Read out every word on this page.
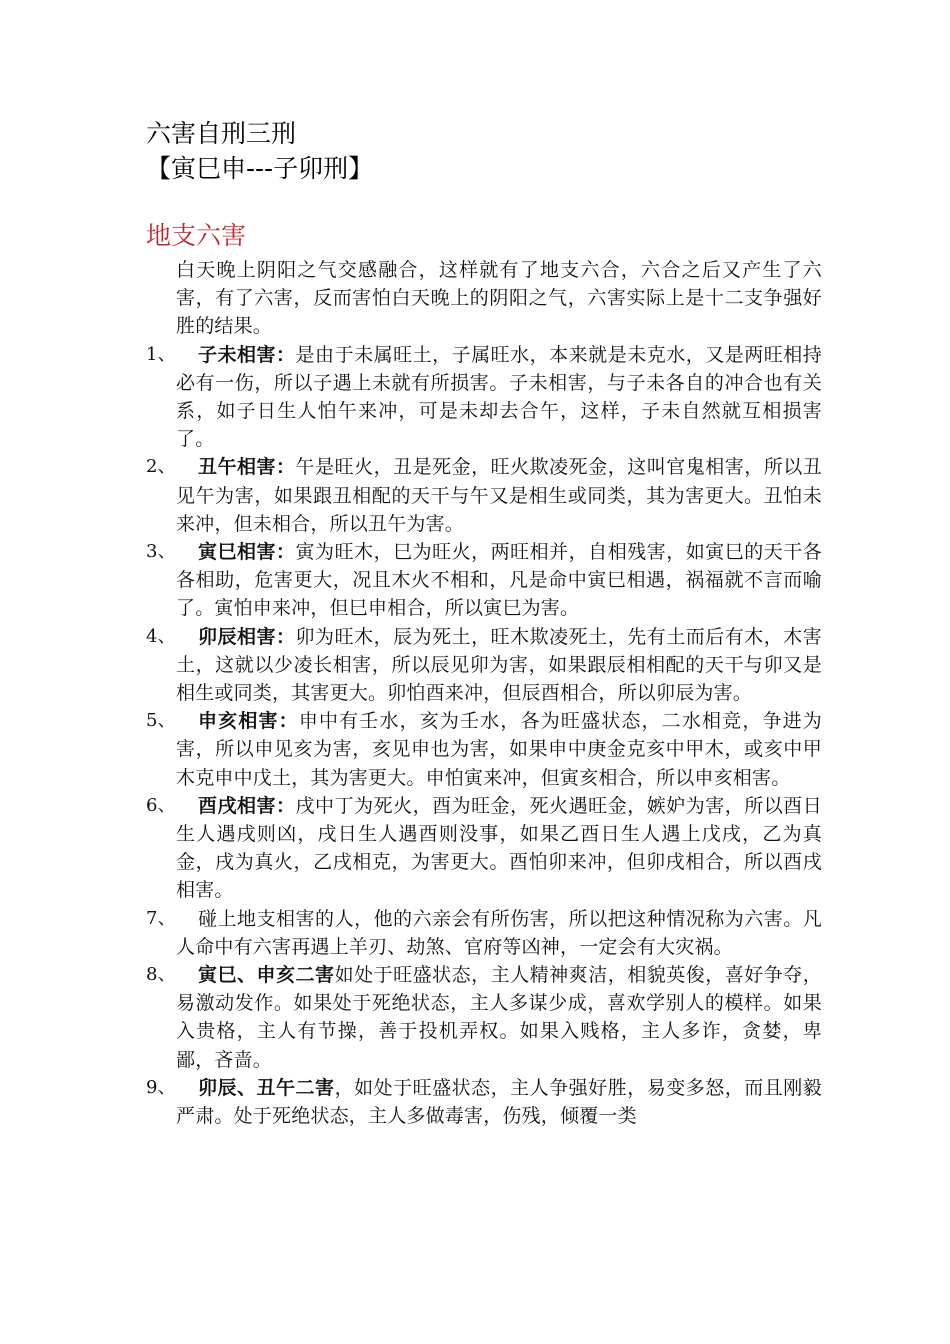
六害自刑三刑
【寅巳申---子卯刑】
地支六害
白天晚上阴阳之气交感融合，这样就有了地支六合，六合之后又产生了六害，有了六害，反而害怕白天晚上的阴阳之气，六害实际上是十二支争强好胜的结果。
1、	子未相害：是由于未属旺土，子属旺水，本来就是未克水，又是两旺相持必有一伤，所以子遇上未就有所损害。子未相害，与子未各自的冲合也有关系，如子日生人怕午来冲，可是未却去合午，这样，子未自然就互相损害了。
2、	丑午相害：午是旺火，丑是死金，旺火欺凌死金，这叫官鬼相害，所以丑见午为害，如果跟丑相配的天干与午又是相生或同类，其为害更大。丑怕未来冲，但未相合，所以丑午为害。
3、	寅巳相害：寅为旺木，巳为旺火，两旺相并，自相残害，如寅巳的天干各各相助，危害更大，况且木火不相和，凡是命中寅巳相遇，祸福就不言而喻了。寅怕申来冲，但巳申相合，所以寅巳为害。
4、	卯辰相害：卯为旺木，辰为死土，旺木欺凌死土，先有土而后有木，木害土，这就以少凌长相害，所以辰见卯为害，如果跟辰相相配的天干与卯又是相生或同类，其害更大。卯怕酉来冲，但辰酉相合，所以卯辰为害。
5、	申亥相害：申中有壬水，亥为壬水，各为旺盛状态，二水相竞，争进为害，所以申见亥为害，亥见申也为害，如果申中庚金克亥中甲木，或亥中甲木克申中戊土，其为害更大。申怕寅来冲，但寅亥相合，所以申亥相害。
6、	酉戌相害：戌中丁为死火，酉为旺金，死火遇旺金，嫉妒为害，所以酉日生人遇戌则凶，戌日生人遇酉则没事，如果乙酉日生人遇上戊戌，乙为真金，戌为真火，乙戌相克，为害更大。酉怕卯来冲，但卯戌相合，所以酉戌相害。
7、	碰上地支相害的人，他的六亲会有所伤害，所以把这种情况称为六害。凡人命中有六害再遇上羊刃、劫煞、官府等凶神，一定会有大灾祸。
8、	寅巳、申亥二害如处于旺盛状态，主人精神爽洁，相貌英俊，喜好争夺，易激动发作。如果处于死绝状态，主人多谋少成，喜欢学别人的模样。如果入贵格，主人有节操，善于投机弄权。如果入贱格，主人多诈，贪婪，卑鄙，吝啬。
9、	卯辰、丑午二害，如处于旺盛状态，主人争强好胜，易变多怒，而且刚毅严肃。处于死绝状态，主人多做毒害，伤残，倾覆一类
